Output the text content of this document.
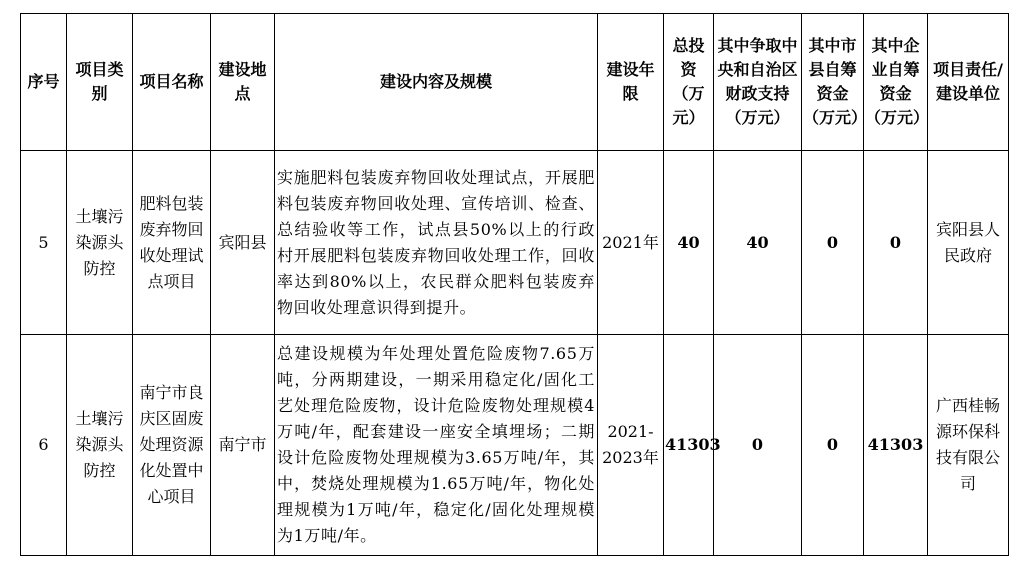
序号	项目类别	项目名称	建设地点	建设内容及规模	建设年限	总投资（万元）	其中争取中央和自治区财政支持（万元）	其中市县自筹资金（万元）	其中企业自筹资金（万元）	项目责任/建设单位
5	土壤污染源头防控	肥料包装废弃物回收处理试点项目	宾阳县	实施肥料包装废弃物回收处理试点，开展肥料包装废弃物回收处理、宣传培训、检查、总结验收等工作，试点县50%以上的行政村开展肥料包装废弃物回收处理工作，回收率达到80%以上，农民群众肥料包装废弃物回收处理意识得到提升。	2021年	40	40	0	0	宾阳县人民政府
6	土壤污染源头防控	南宁市良庆区固废处理资源化处置中心项目	南宁市	总建设规模为年处理处置危险废物7.65万吨，分两期建设，一期采用稳定化/固化工艺处理危险废物，设计危险废物处理规模4万吨/年，配套建设一座安全填埋场；二期设计危险废物处理规模为3.65万吨/年，其中，焚烧处理规模为1.65万吨/年，物化处理规模为1万吨/年，稳定化/固化处理规模为1万吨/年。	2021-2023年	41303	0	0	41303	广西桂畅源环保科技有限公司
